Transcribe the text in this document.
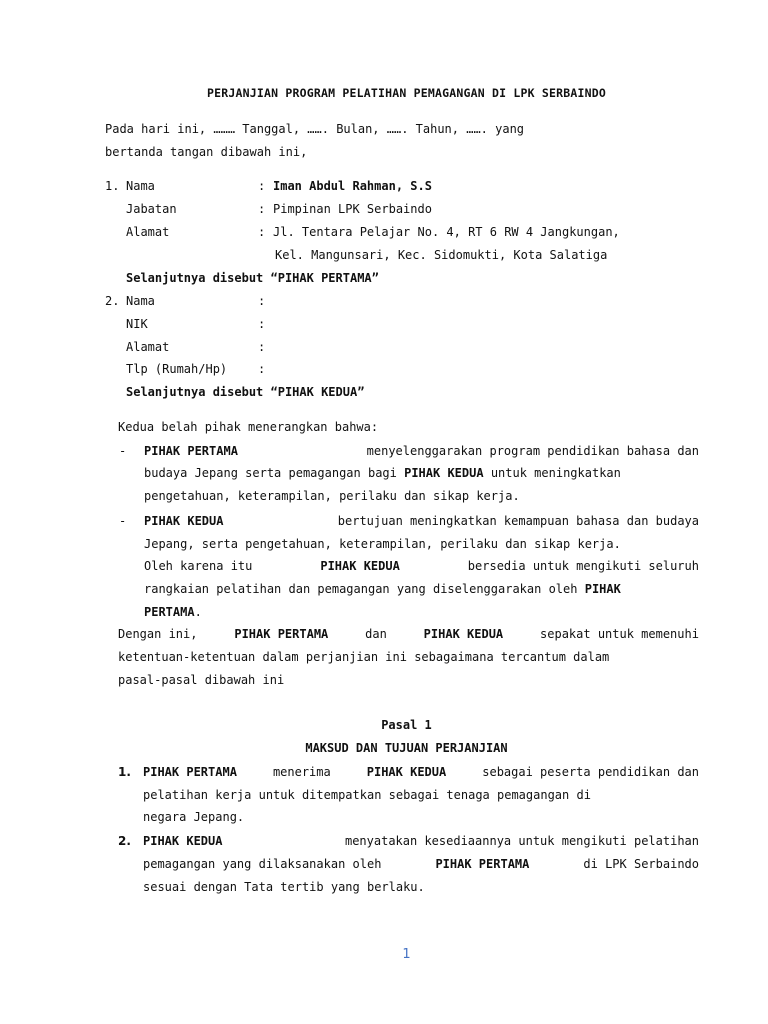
PERJANJIAN PROGRAM PELATIHAN PEMAGANGAN DI LPK SERBAINDO
Pada hari ini, ……… Tanggal, ……. Bulan, ……. Tahun, ……. yang
bertanda tangan dibawah ini,
1. Nama	: Iman Abdul Rahman, S.S
Jabatan	: Pimpinan LPK Serbaindo
Alamat	: Jl. Tentara Pelajar No. 4, RT 6 RW 4 Jangkungan,
Kel. Mangunsari, Kec. Sidomukti, Kota Salatiga
Selanjutnya disebut “PIHAK PERTAMA”
2. Nama	:
NIK	:
Alamat	:
Tlp (Rumah/Hp)	:
Selanjutnya disebut “PIHAK KEDUA”
Kedua belah pihak menerangkan bahwa:
- PIHAK PERTAMA	menyelenggarakan program pendidikan bahasa dan
budaya Jepang serta pemagangan bagi PIHAK KEDUA untuk meningkatkan
pengetahuan, keterampilan, perilaku dan sikap kerja.
- PIHAK KEDUA	bertujuan meningkatkan kemampuan bahasa dan budaya
Jepang, serta pengetahuan, keterampilan, perilaku dan sikap kerja.
Oleh karena itu	PIHAK KEDUA	bersedia untuk mengikuti seluruh
rangkaian pelatihan dan pemagangan yang diselenggarakan oleh PIHAK
PERTAMA.
Dengan ini,	PIHAK PERTAMA	dan	PIHAK KEDUA	sepakat untuk memenuhi
ketentuan-ketentuan dalam perjanjian ini sebagaimana tercantum dalam
pasal-pasal dibawah ini
Pasal 1
MAKSUD DAN TUJUAN PERJANJIAN
1. PIHAK PERTAMA	menerima	PIHAK KEDUA	sebagai peserta pendidikan dan
pelatihan kerja untuk ditempatkan sebagai tenaga pemagangan di
negara Jepang.
2. PIHAK KEDUA	menyatakan kesediaannya untuk mengikuti pelatihan
pemagangan yang dilaksanakan oleh	PIHAK PERTAMA	di LPK Serbaindo
sesuai dengan Tata tertib yang berlaku.
1
